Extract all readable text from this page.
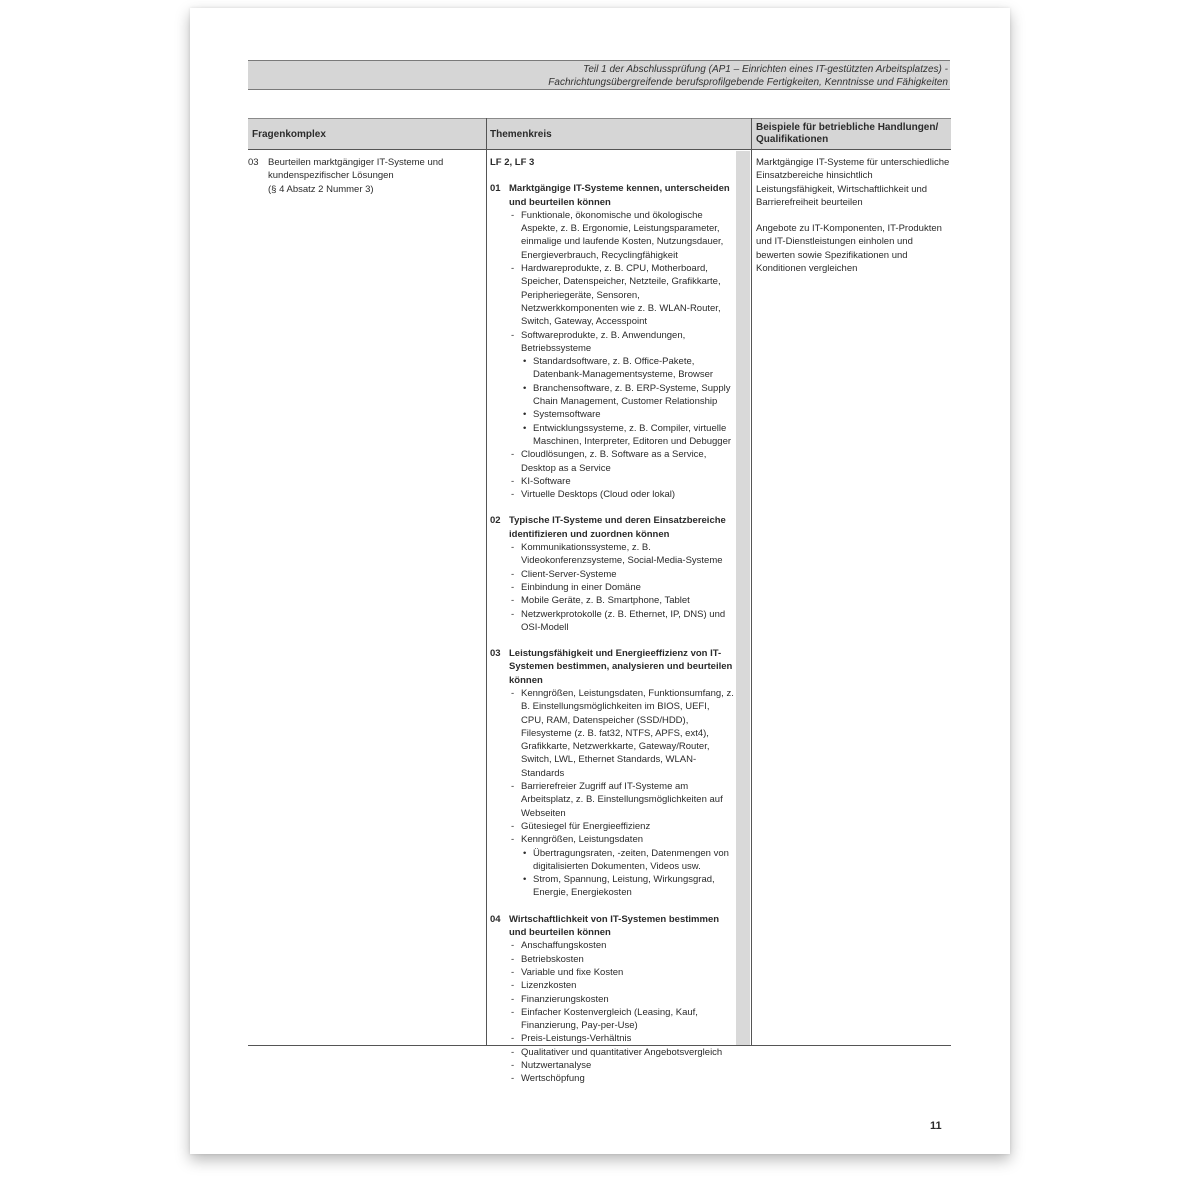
Teil 1 der Abschlussprüfung (AP1 – Einrichten eines IT-gestützten Arbeitsplatzes) -
Fachrichtungsübergreifende berufsprofilgebende Fertigkeiten, Kenntnisse und Fähigkeiten
Fragenkomplex	Themenkreis
Beispiele für betriebliche Handlungen/ Qualifikationen
03 Beurteilen marktgängiger IT-Systeme und kundenspezifischer Lösungen
(§ 4 Absatz 2 Nummer 3)
LF 2, LF 3
01 Marktgängige IT-Systeme kennen, unterscheiden und beurteilen können
- Funktionale, ökonomische und ökologische Aspekte, z. B. Ergonomie, Leistungsparameter, einmalige und laufende Kosten, Nutzungsdauer, Energieverbrauch, Recyclingfähigkeit
- Hardwareprodukte, z. B. CPU, Motherboard, Speicher, Datenspeicher, Netzteile, Grafikkarte, Peripheriegeräte, Sensoren, Netzwerkkomponenten wie z. B. WLAN-Router, Switch, Gateway, Accesspoint
- Softwareprodukte, z. B. Anwendungen, Betriebssysteme
• Standardsoftware, z. B. Office-Pakete, Datenbank-Managementsysteme, Browser
• Branchensoftware, z. B. ERP-Systeme, Supply Chain Management, Customer Relationship
• Systemsoftware
• Entwicklungssysteme, z. B. Compiler, virtuelle Maschinen, Interpreter, Editoren und Debugger
- Cloudlösungen, z. B. Software as a Service, Desktop as a Service
- KI-Software
- Virtuelle Desktops (Cloud oder lokal)
02 Typische IT-Systeme und deren Einsatzbereiche identifizieren und zuordnen können
- Kommunikationssysteme, z. B. Videokonferenzsysteme, Social-Media-Systeme
- Client-Server-Systeme
- Einbindung in einer Domäne
- Mobile Geräte, z. B. Smartphone, Tablet
- Netzwerkprotokolle (z. B. Ethernet, IP, DNS) und OSI-Modell
03 Leistungsfähigkeit und Energieeffizienz von IT-Systemen bestimmen, analysieren und beurteilen können
- Kenngrößen, Leistungsdaten, Funktionsumfang, z. B. Einstellungsmöglichkeiten im BIOS, UEFI, CPU, RAM, Datenspeicher (SSD/HDD), Filesysteme (z. B. fat32, NTFS, APFS, ext4), Grafikkarte, Netzwerkkarte, Gateway/Router, Switch, LWL, Ethernet Standards, WLAN-Standards
- Barrierefreier Zugriff auf IT-Systeme am Arbeitsplatz, z. B. Einstellungsmöglichkeiten auf Webseiten
- Gütesiegel für Energieeffizienz
- Kenngrößen, Leistungsdaten
• Übertragungsraten, -zeiten, Datenmengen von digitalisierten Dokumenten, Videos usw.
• Strom, Spannung, Leistung, Wirkungsgrad, Energie, Energiekosten
04 Wirtschaftlichkeit von IT-Systemen bestimmen und beurteilen können
- Anschaffungskosten
- Betriebskosten
- Variable und fixe Kosten
- Lizenzkosten
- Finanzierungskosten
- Einfacher Kostenvergleich (Leasing, Kauf, Finanzierung, Pay-per-Use)
- Preis-Leistungs-Verhältnis
- Qualitativer und quantitativer Angebotsvergleich
- Nutzwertanalyse
- Wertschöpfung

Marktgängige IT-Systeme für unterschiedliche Einsatzbereiche hinsichtlich Leistungsfähigkeit, Wirtschaftlichkeit und Barrierefreiheit beurteilen

Angebote zu IT-Komponenten, IT-Produkten und IT-Dienstleistungen einholen und bewerten sowie Spezifikationen und Konditionen vergleichen

11
